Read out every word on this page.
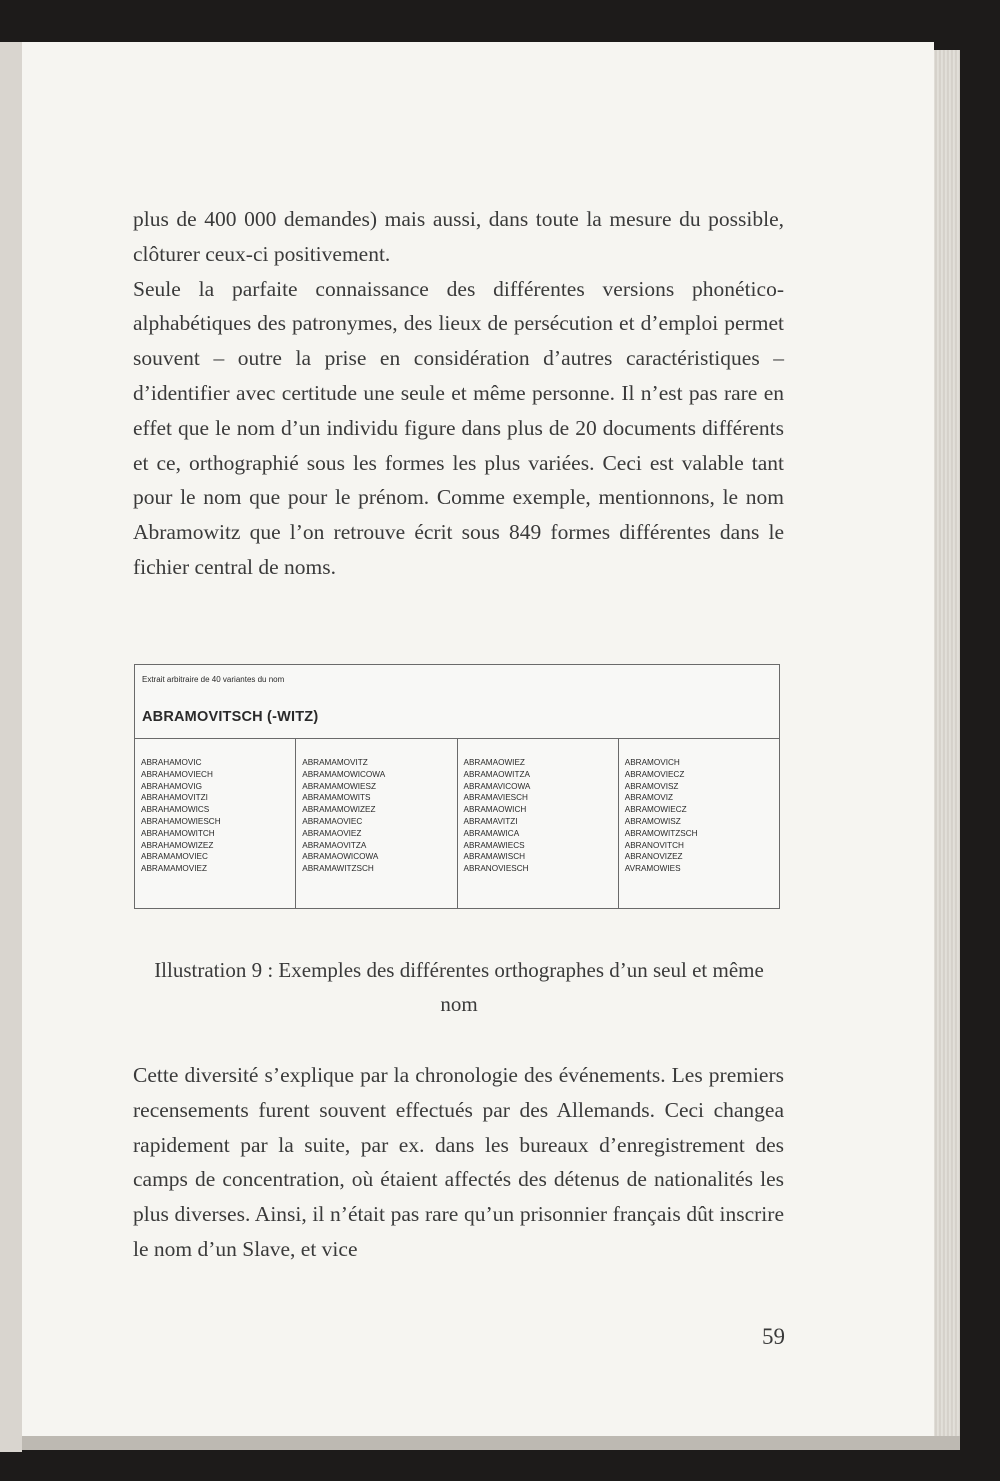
plus de 400 000 demandes) mais aussi, dans toute la mesure du possible, clôturer ceux-ci positivement.

Seule la parfaite connaissance des différentes versions phonético-alphabétiques des patronymes, des lieux de persécution et d’emploi permet souvent – outre la prise en considération d’autres caractéristiques – d’identifier avec certitude une seule et même personne. Il n’est pas rare en effet que le nom d’un individu figure dans plus de 20 documents différents et ce, orthographié sous les formes les plus variées. Ceci est valable tant pour le nom que pour le prénom. Comme exemple, mentionnons, le nom Abramowitz que l’on retrouve écrit sous 849 formes différentes dans le fichier central de noms.

Extrait arbitraire de 40 variantes du nom
ABRAMOVITSCH (-WITZ)
ABRAHAMOVIC
ABRAHAMOVIECH
ABRAHAMOVIG
ABRAHAMOVITZI
ABRAHAMOWICS
ABRAHAMOWIESCH
ABRAHAMOWITCH
ABRAHAMOWIZEZ
ABRAMAMOVIEC
ABRAMAMOVIEZ
ABRAMAMOVITZ
ABRAMAMOWICOWA
ABRAMAMOWIESZ
ABRAMAMOWITS
ABRAMAMOWIZEZ
ABRAMAOVIEC
ABRAMAOVIEZ
ABRAMAOVITZA
ABRAMAOWICOWA
ABRAMAWITZSCH
ABRAMAOWIEZ
ABRAMAOWITZA
ABRAMAVICOWA
ABRAMAVIESCH
ABRAMAOWICH
ABRAMAVITZI
ABRAMAWICA
ABRAMAWIECS
ABRAMAWISCH
ABRANOVIESCH
ABRAMOVICH
ABRAMOVIECZ
ABRAMOVISZ
ABRAMOVIZ
ABRAMOWIECZ
ABRAMOWISZ
ABRAMOWITZSCH
ABRANOVITCH
ABRANOVIZEZ
AVRAMOWIES
Illustration 9 : Exemples des différentes orthographes d’un seul et même nom

Cette diversité s’explique par la chronologie des événements. Les premiers recensements furent souvent effectués par des Allemands. Ceci changea rapidement par la suite, par ex. dans les bureaux d’enregistrement des camps de concentration, où étaient affectés des détenus de nationalités les plus diverses. Ainsi, il n’était pas rare qu’un prisonnier français dût inscrire le nom d’un Slave, et vice

59
